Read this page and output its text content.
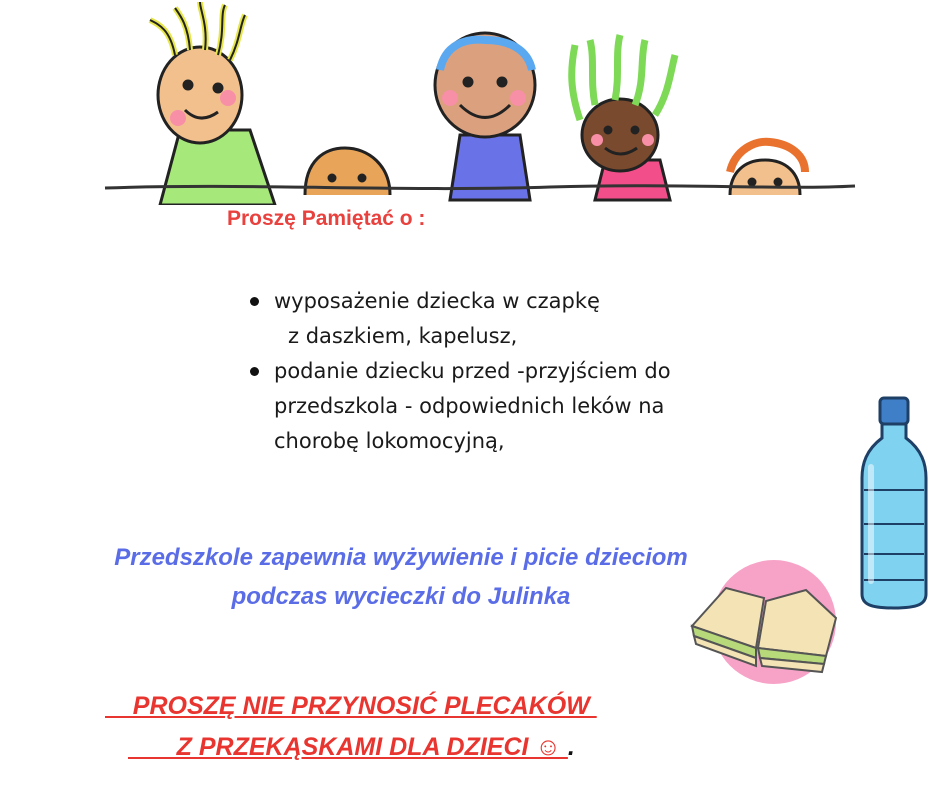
Proszę Pamiętać o :
wyposażenie dziecka w czapkę

z daszkiem, kapelusz,
podanie dziecku przed -przyjściem do
przedszkola - odpowiednich leków na
chorobę lokomocyjną,
Przedszkole zapewnia wyżywienie i picie dzieciom
podczas wycieczki do Julinka
PROSZĘ NIE PRZYNOSIĆ PLECAKÓW
Z PRZEKĄSKAMI DLA DZIECI ☺ .
